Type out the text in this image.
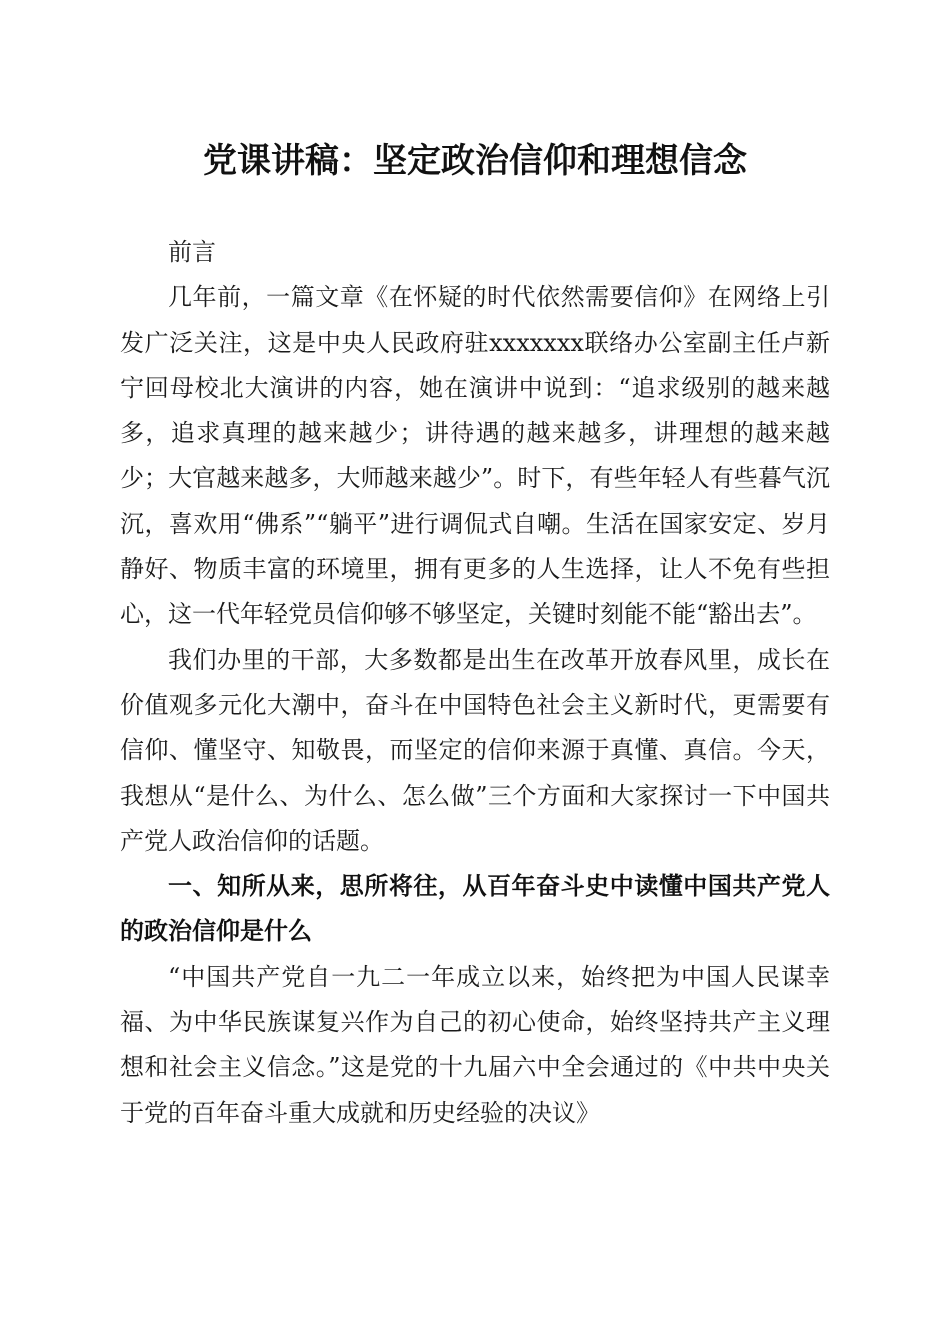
党课讲稿：坚定政治信仰和理想信念

前言

几年前，一篇文章《在怀疑的时代依然需要信仰》在网络上引发广泛关注，这是中央人民政府驻xxxxxxx联络办公室副主任卢新宁回母校北大演讲的内容，她在演讲中说到：“追求级别的越来越多，追求真理的越来越少；讲待遇的越来越多，讲理想的越来越少；大官越来越多，大师越来越少”。时下，有些年轻人有些暮气沉沉，喜欢用“佛系”“躺平”进行调侃式自嘲。生活在国家安定、岁月静好、物质丰富的环境里，拥有更多的人生选择，让人不免有些担心，这一代年轻党员信仰够不够坚定，关键时刻能不能“豁出去”。

我们办里的干部，大多数都是出生在改革开放春风里，成长在价值观多元化大潮中，奋斗在中国特色社会主义新时代，更需要有信仰、懂坚守、知敬畏，而坚定的信仰来源于真懂、真信。今天，我想从“是什么、为什么、怎么做”三个方面和大家探讨一下中国共产党人政治信仰的话题。

一、知所从来，思所将往，从百年奋斗史中读懂中国共产党人的政治信仰是什么

“中国共产党自一九二一年成立以来，始终把为中国人民谋幸福、为中华民族谋复兴作为自己的初心使命，始终坚持共产主义理想和社会主义信念。”这是党的十九届六中全会通过的《中共中央关于党的百年奋斗重大成就和历史经验的决议》
